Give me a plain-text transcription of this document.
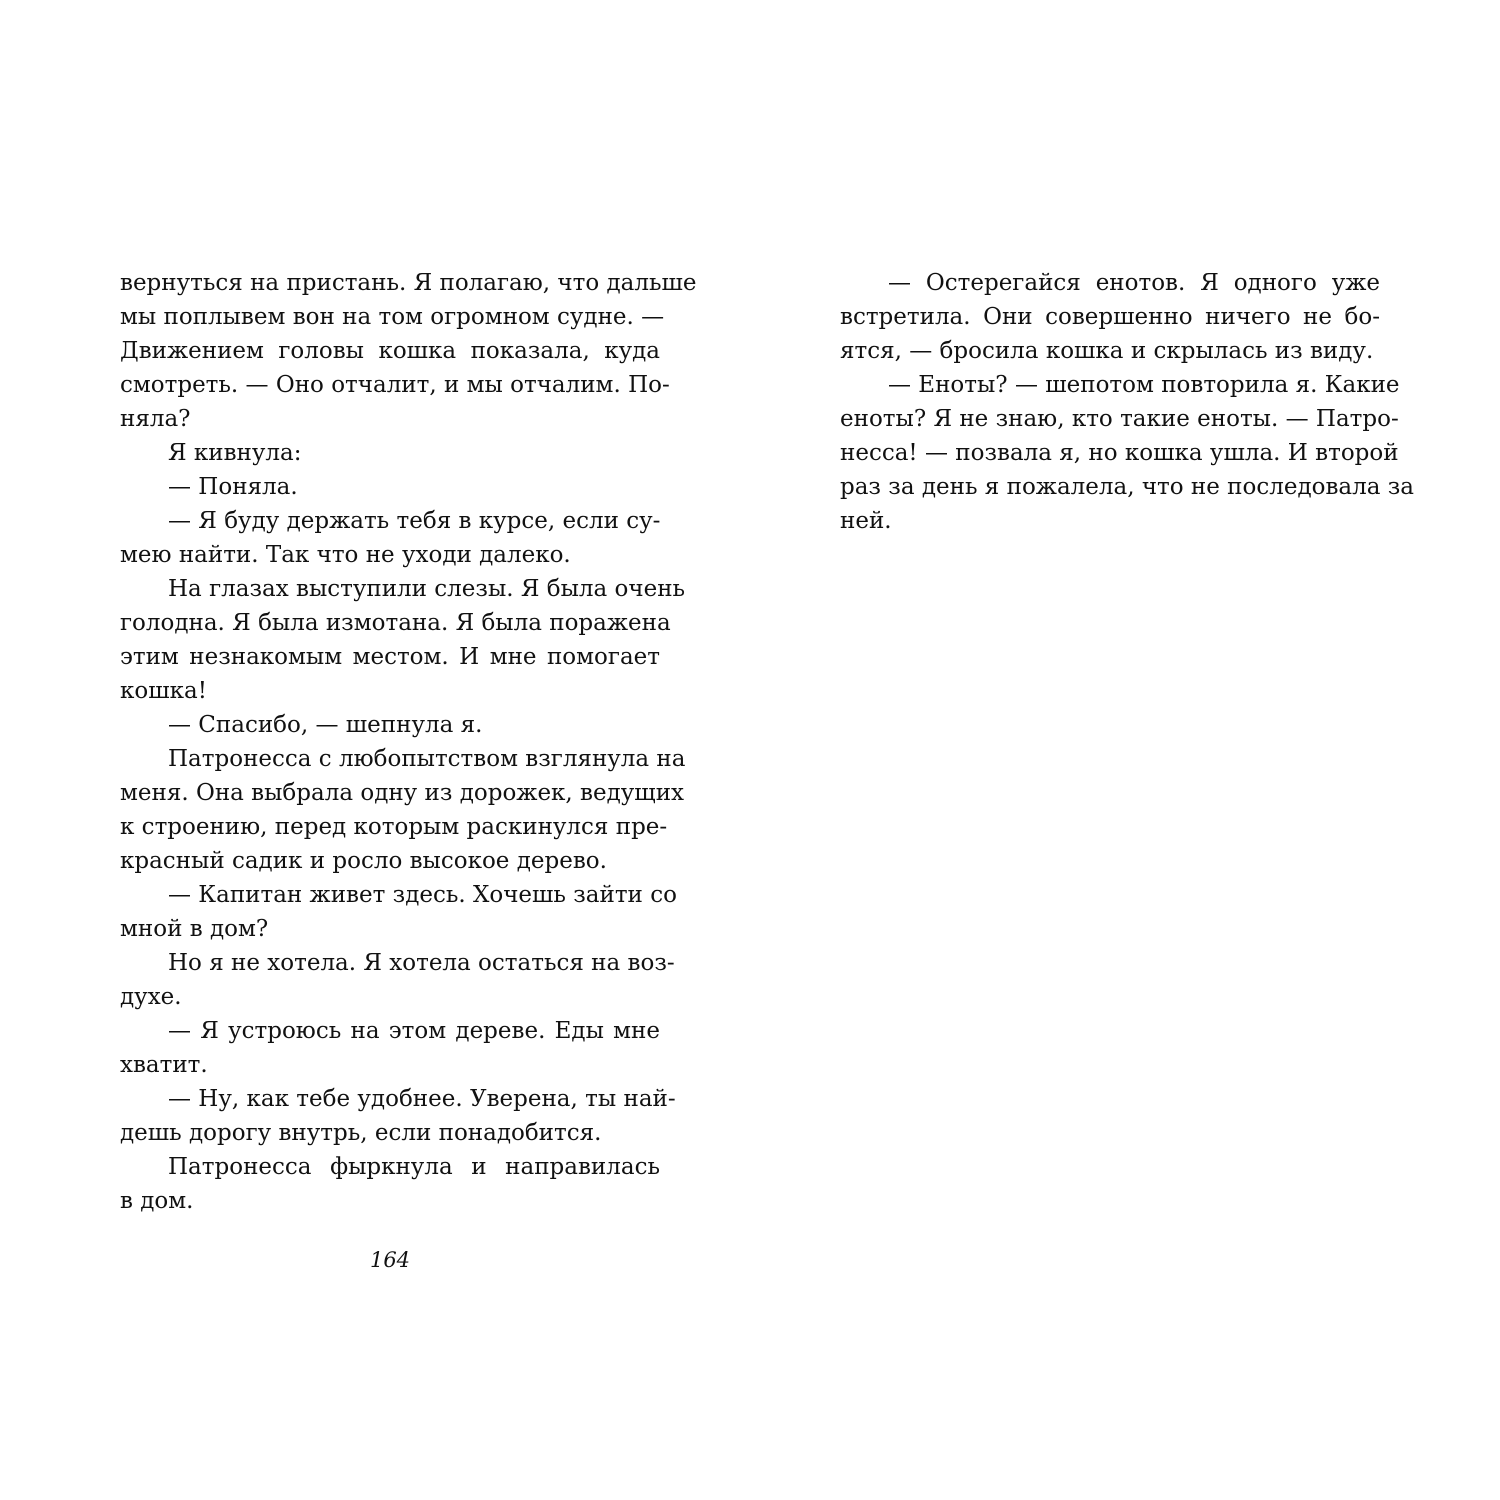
вернуться на пристань. Я полагаю, что дальше
мы поплывем вон на том огромном судне. —
Движением головы кошка показала, куда
смотреть. — Оно отчалит, и мы отчалим. По-
няла?
Я кивнула:
— Поняла.
— Я буду держать тебя в курсе, если су-
мею найти. Так что не уходи далеко.
На глазах выступили слезы. Я была очень
голодна. Я была измотана. Я была поражена
этим незнакомым местом. И мне помогает
кошка!
— Спасибо, — шепнула я.
Патронесса с любопытством взглянула на
меня. Она выбрала одну из дорожек, ведущих
к строению, перед которым раскинулся пре-
красный садик и росло высокое дерево.
— Капитан живет здесь. Хочешь зайти со
мной в дом?
Но я не хотела. Я хотела остаться на воз-
духе.
— Я устроюсь на этом дереве. Еды мне
хватит.
— Ну, как тебе удобнее. Уверена, ты най-
дешь дорогу внутрь, если понадобится.
Патронесса фыркнула и направилась
в дом.
— Остерегайся енотов. Я одного уже
встретила. Они совершенно ничего не бо-
ятся, — бросила кошка и скрылась из виду.
— Еноты? — шепотом повторила я. Какие
еноты? Я не знаю, кто такие еноты. — Патро-
несса! — позвала я, но кошка ушла. И второй
раз за день я пожалела, что не последовала за
ней.
164
